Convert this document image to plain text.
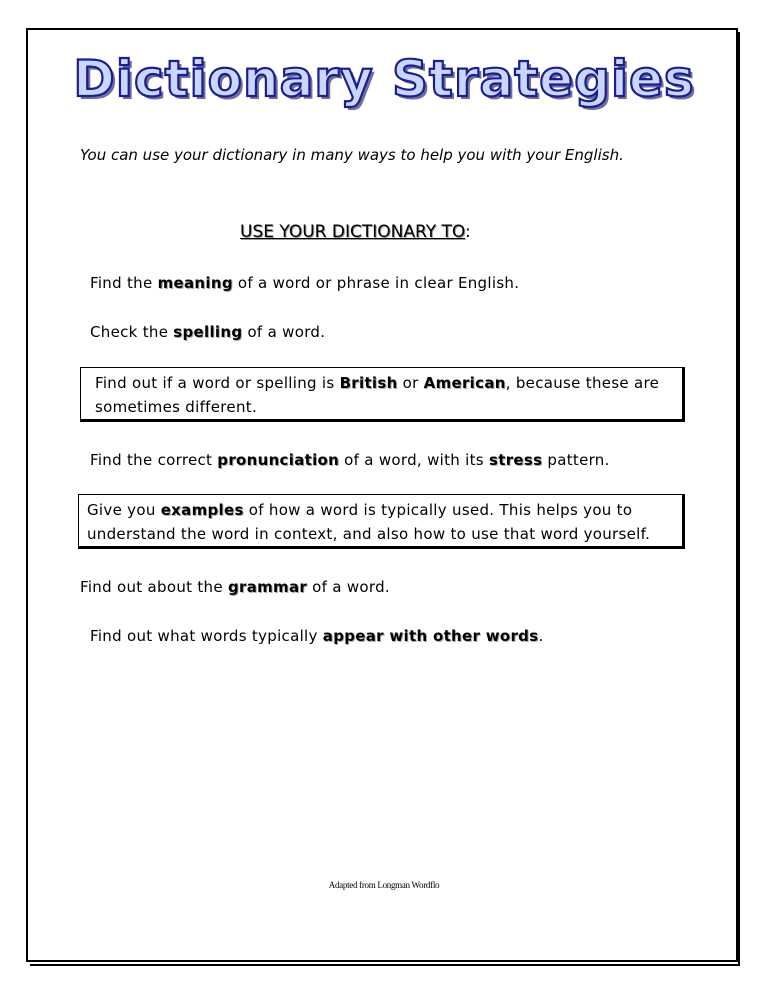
Dictionary Strategies
You can use your dictionary in many ways to help you with your English.
USE YOUR DICTIONARY TO:
Find the meaning of a word or phrase in clear English.
Check the spelling of a word.
Find out if a word or spelling is British or American, because these are sometimes different.
Find the correct pronunciation of a word, with its stress pattern.
Give you examples of how a word is typically used. This helps you to understand the word in context, and also how to use that word yourself.
Find out about the grammar of a word.
Find out what words typically appear with other words.
Adapted from Longman Wordflo
